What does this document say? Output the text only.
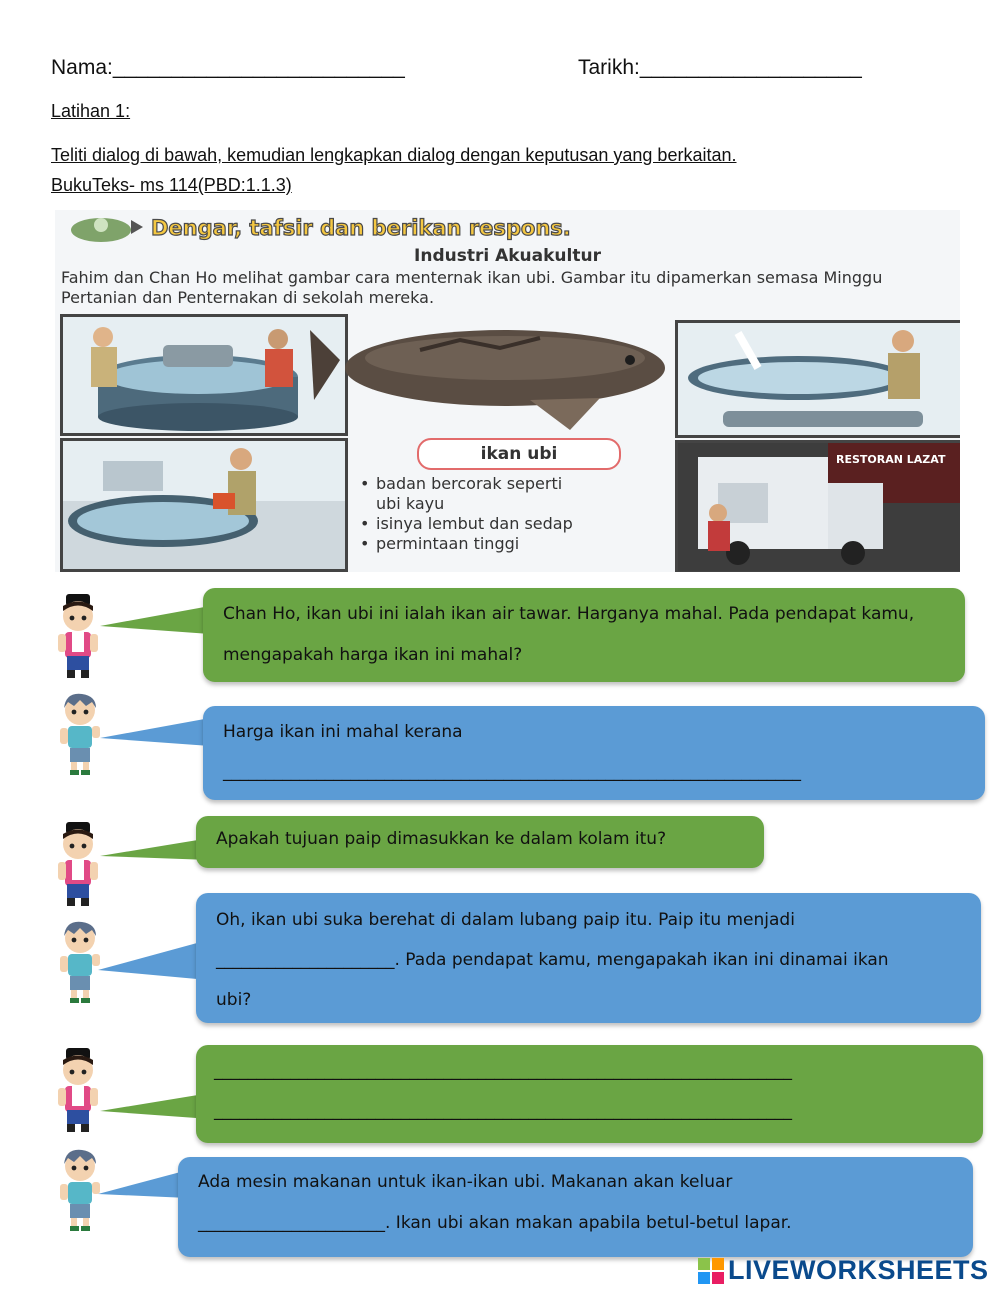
Nama:_________________________	Tarikh:___________________
Latihan 1:
Teliti dialog di bawah, kemudian lengkapkan dialog dengan keputusan yang berkaitan.
BukuTeks- ms 114(PBD:1.1.3)
Dengar, tafsir dan berikan respons.
Industri Akuakultur
Fahim dan Chan Ho melihat gambar cara menternak ikan ubi. Gambar itu dipamerkan semasa Minggu Pertanian dan Penternakan di sekolah mereka.
RESTORAN LAZAT
ikan ubi
• badan bercorak seperti
ubi kayu
• isinya lembut dan sedap
• permintaan tinggi
Chan Ho, ikan ubi ini ialah ikan air tawar. Harganya mahal. Pada pendapat kamu,
mengapakah harga ikan ini mahal?
Harga ikan ini mahal kerana
____________________________________________________________________
Apakah tujuan paip dimasukkan ke dalam kolam itu?
Oh, ikan ubi suka berehat di dalam lubang paip itu. Paip itu menjadi
_____________________. Pada pendapat kamu, mengapakah ikan ini dinamai ikan
ubi?
____________________________________________________________________
____________________________________________________________________
Ada mesin makanan untuk ikan-ikan ubi. Makanan akan keluar
______________________. Ikan ubi akan makan apabila betul-betul lapar.
LIVEWORKSHEETS
